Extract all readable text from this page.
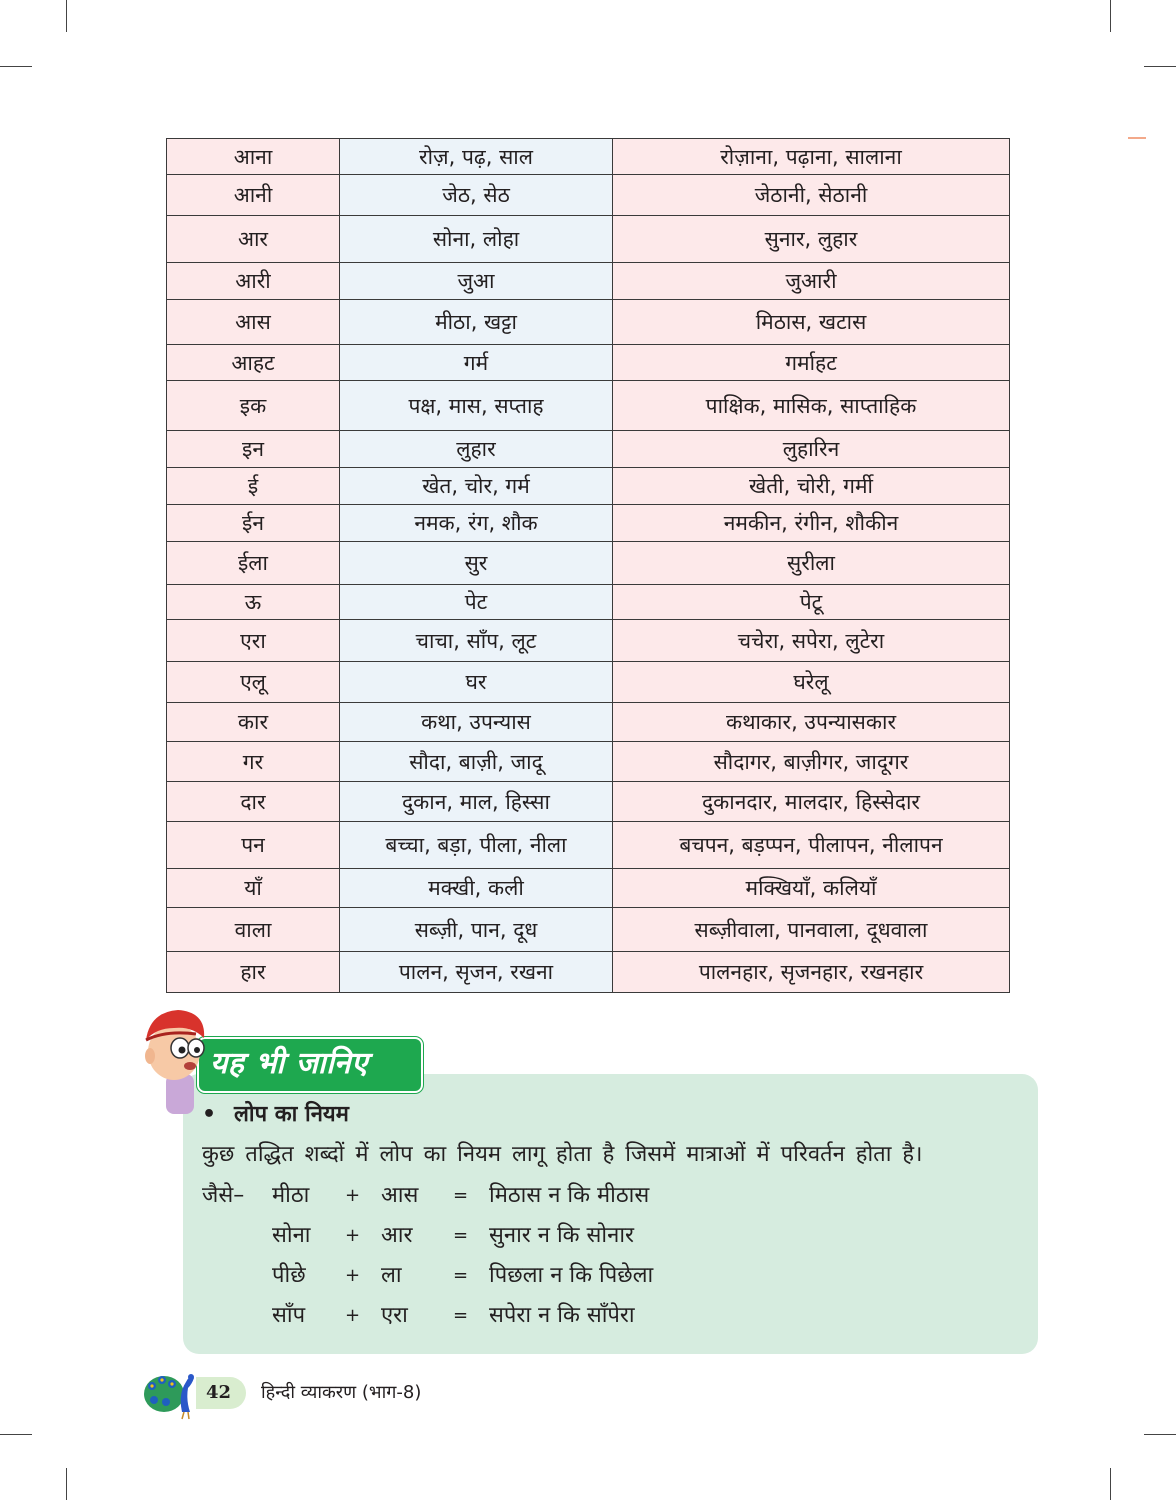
आना	रोज़, पढ़, साल	रोज़ाना, पढ़ाना, सालाना
आनी	जेठ, सेठ	जेठानी, सेठानी
आर	सोना, लोहा	सुनार, लुहार
आरी	जुआ	जुआरी
आस	मीठा, खट्टा	मिठास, खटास
आहट	गर्म	गर्माहट
इक	पक्ष, मास, सप्ताह	पाक्षिक, मासिक, साप्ताहिक
इन	लुहार	लुहारिन
ई	खेत, चोर, गर्म	खेती, चोरी, गर्मी
ईन	नमक, रंग, शौक	नमकीन, रंगीन, शौकीन
ईला	सुर	सुरीला
ऊ	पेट	पेटू
एरा	चाचा, साँप, लूट	चचेरा, सपेरा, लुटेरा
एलू	घर	घरेलू
कार	कथा, उपन्यास	कथाकार, उपन्यासकार
गर	सौदा, बाज़ी, जादू	सौदागर, बाज़ीगर, जादूगर
दार	दुकान, माल, हिस्सा	दुकानदार, मालदार, हिस्सेदार
पन	बच्चा, बड़ा, पीला, नीला	बचपन, बड़प्पन, पीलापन, नीलापन
याँ	मक्खी, कली	मक्खियाँ, कलियाँ
वाला	सब्ज़ी, पान, दूध	सब्ज़ीवाला, पानवाला, दूधवाला
हार	पालन, सृजन, रखना	पालनहार, सृजनहार, रखनहार
यह भी जानिए
• लोप का नियम
कुछ तद्धित शब्दों में लोप का नियम लागू होता है जिसमें मात्राओं में परिवर्तन होता है।
जैसे– मीठा + आस = मिठास न कि मीठास
सोना + आर = सुनार न कि सोनार
पीछे + ला	= पिछला न कि पिछेला
साँप + एरा	= सपेरा न कि साँपेरा
42 हिन्दी व्याकरण (भाग-8)
